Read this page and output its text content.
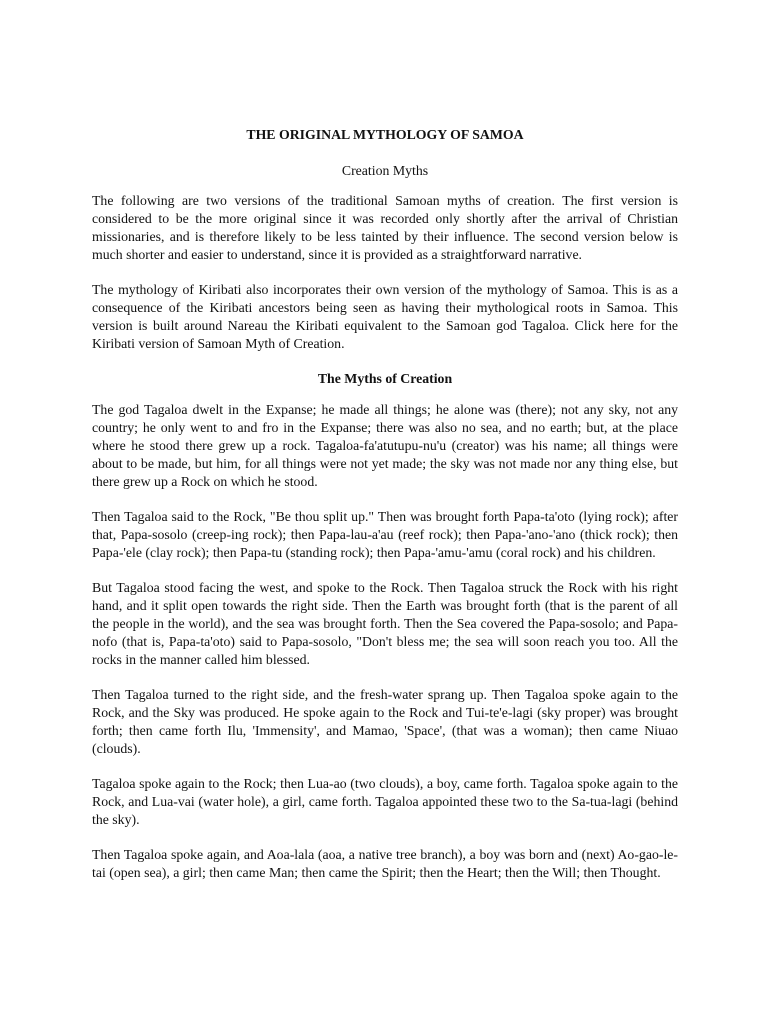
THE ORIGINAL MYTHOLOGY OF SAMOA
Creation Myths

The following are two versions of the traditional Samoan myths of creation. The first version is considered to be the more original since it was recorded only shortly after the arrival of Christian missionaries, and is therefore likely to be less tainted by their influence. The second version below is much shorter and easier to understand, since it is provided as a straightforward narrative.

The mythology of Kiribati also incorporates their own version of the mythology of Samoa. This is as a consequence of the Kiribati ancestors being seen as having their mythological roots in Samoa. This version is built around Nareau the Kiribati equivalent to the Samoan god Tagaloa. Click here for the Kiribati version of Samoan Myth of Creation.

The Myths of Creation

The god Tagaloa dwelt in the Expanse; he made all things; he alone was (there); not any sky, not any country; he only went to and fro in the Expanse; there was also no sea, and no earth; but, at the place where he stood there grew up a rock. Tagaloa-fa'atutupu-nu'u (creator) was his name; all things were about to be made, but him, for all things were not yet made; the sky was not made nor any thing else, but there grew up a Rock on which he stood.

Then Tagaloa said to the Rock, "Be thou split up." Then was brought forth Papa-ta'oto (lying rock); after that, Papa-sosolo (creep-ing rock); then Papa-lau-a'au (reef rock); then Papa-'ano-'ano (thick rock); then Papa-'ele (clay rock); then Papa-tu (standing rock); then Papa-'amu-'amu (coral rock) and his children.

But Tagaloa stood facing the west, and spoke to the Rock. Then Tagaloa struck the Rock with his right hand, and it split open towards the right side. Then the Earth was brought forth (that is the parent of all the people in the world), and the sea was brought forth. Then the Sea covered the Papa-sosolo; and Papa-nofo (that is, Papa-ta'oto) said to Papa-sosolo, "Don't bless me; the sea will soon reach you too. All the rocks in the manner called him blessed.

Then Tagaloa turned to the right side, and the fresh-water sprang up. Then Tagaloa spoke again to the Rock, and the Sky was produced. He spoke again to the Rock and Tui-te'e-lagi (sky proper) was brought forth; then came forth Ilu, 'Immensity', and Mamao, 'Space', (that was a woman); then came Niuao (clouds).

Tagaloa spoke again to the Rock; then Lua-ao (two clouds), a boy, came forth. Tagaloa spoke again to the Rock, and Lua-vai (water hole), a girl, came forth. Tagaloa appointed these two to the Sa-tua-lagi (behind the sky).

Then Tagaloa spoke again, and Aoa-lala (aoa, a native tree branch), a boy was born and (next) Ao-gao-le-tai (open sea), a girl; then came Man; then came the Spirit; then the Heart; then the Will; then Thought.
